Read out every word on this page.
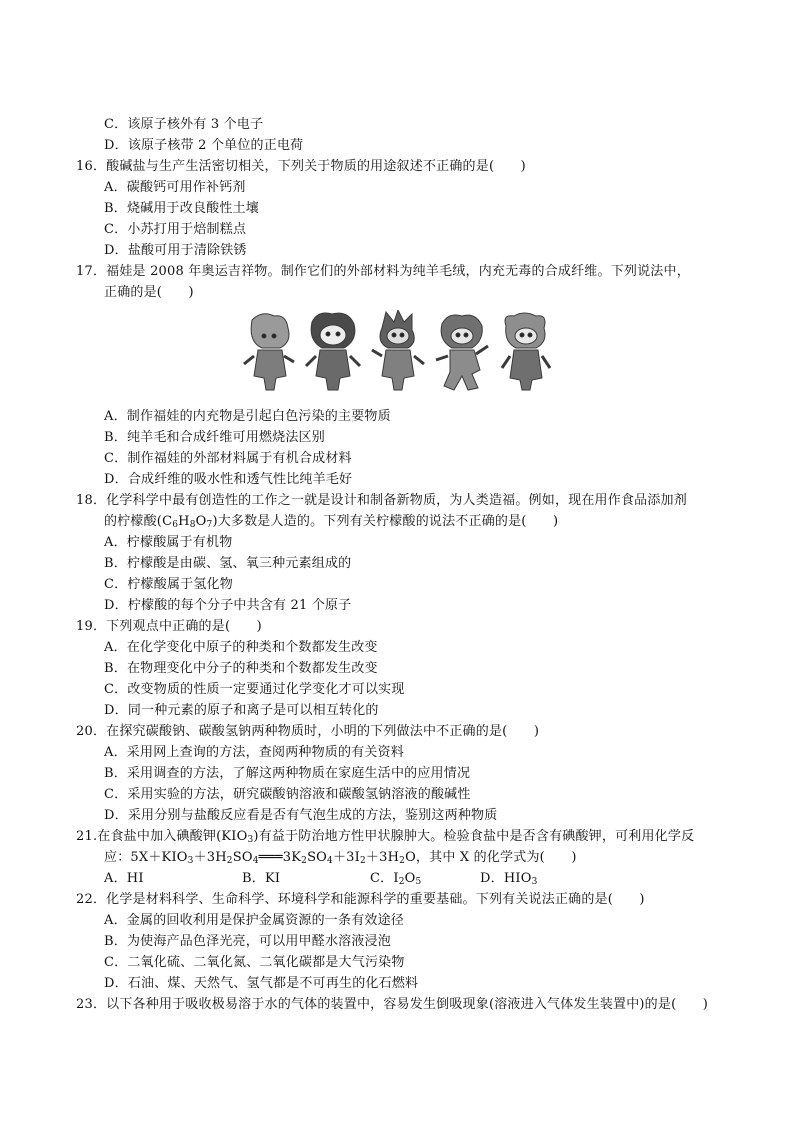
C．该原子核外有 3 个电子
D．该原子核带 2 个单位的正电荷
16．酸碱盐与生产生活密切相关，下列关于物质的用途叙述不正确的是(　　)
A．碳酸钙可用作补钙剂
B．烧碱用于改良酸性土壤
C．小苏打用于焙制糕点
D．盐酸可用于清除铁锈
17．福娃是 2008 年奥运吉祥物。制作它们的外部材料为纯羊毛绒，内充无毒的合成纤维。下列说法中，
正确的是(　　)
A．制作福娃的内充物是引起白色污染的主要物质
B．纯羊毛和合成纤维可用燃烧法区别
C．制作福娃的外部材料属于有机合成材料
D．合成纤维的吸水性和透气性比纯羊毛好
18．化学科学中最有创造性的工作之一就是设计和制备新物质，为人类造福。例如，现在用作食品添加剂
的柠檬酸$(C_6H_8O_7)$大多数是人造的。下列有关柠檬酸的说法不正确的是(　　)
A．柠檬酸属于有机物
B．柠檬酸是由碳、氢、氧三种元素组成的
C．柠檬酸属于氢化物
D．柠檬酸的每个分子中共含有 21 个原子
19．下列观点中正确的是(　　)
A．在化学变化中原子的种类和个数都发生改变
B．在物理变化中分子的种类和个数都发生改变
C．改变物质的性质一定要通过化学变化才可以实现
D．同一种元素的原子和离子是可以相互转化的
20．在探究碳酸钠、碳酸氢钠两种物质时，小明的下列做法中不正确的是(　　)
A．采用网上查询的方法，查阅两种物质的有关资料
B．采用调查的方法，了解这两种物质在家庭生活中的应用情况
C．采用实验的方法，研究碳酸钠溶液和碳酸氢钠溶液的酸碱性
D．采用分别与盐酸反应看是否有气泡生成的方法，鉴别这两种物质
21.在食盐中加入碘酸钾$(KIO_3)$有益于防治地方性甲状腺肿大。检验食盐中是否含有碘酸钾，可利用化学反
应：$5X+KIO_3+3H_2SO_4═══3K_2SO_4+3I_2+3H_2O$，其中 X 的化学式为(　　)
A．HI	B．KI	C．$I_2O_5$	D．$HIO_3$
22．化学是材料科学、生命科学、环境科学和能源科学的重要基础。下列有关说法正确的是(　　)
A．金属的回收利用是保护金属资源的一条有效途径
B．为使海产品色泽光亮，可以用甲醛水溶液浸泡
C．二氧化硫、二氧化氮、二氧化碳都是大气污染物
D．石油、煤、天然气、氢气都是不可再生的化石燃料
23．以下各种用于吸收极易溶于水的气体的装置中，容易发生倒吸现象(溶液进入气体发生装置中)的是(　　)
